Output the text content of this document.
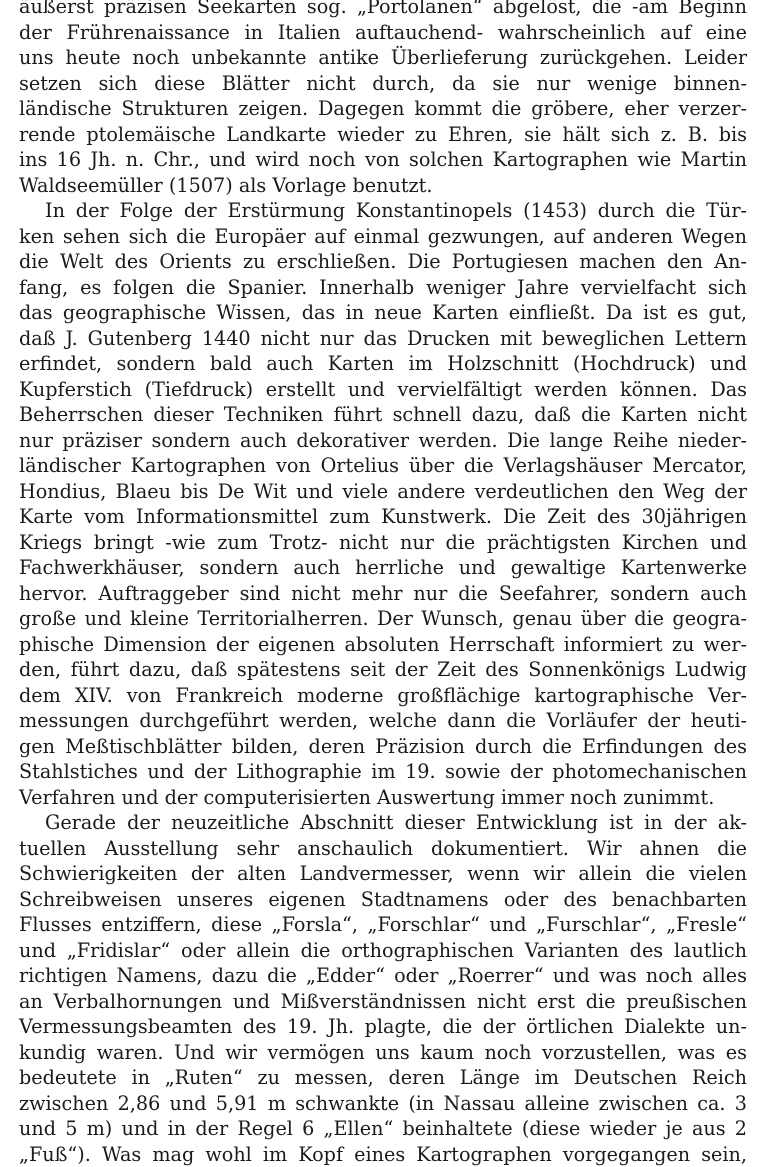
äußerst präzisen Seekarten sog. „Portolanen“ abgelöst, die -am Beginn
der Frührenaissance in Italien auftauchend- wahrscheinlich auf eine
uns heute noch unbekannte antike Überlieferung zurückgehen. Leider
setzen sich diese Blätter nicht durch, da sie nur wenige binnen-
ländische Strukturen zeigen. Dagegen kommt die gröbere, eher verzer-
rende ptolemäische Landkarte wieder zu Ehren, sie hält sich z. B. bis
ins 16 Jh. n. Chr., und wird noch von solchen Kartographen wie Martin
Waldseemüller (1507) als Vorlage benutzt.
In der Folge der Erstürmung Konstantinopels (1453) durch die Tür-
ken sehen sich die Europäer auf einmal gezwungen, auf anderen Wegen
die Welt des Orients zu erschließen. Die Portugiesen machen den An-
fang, es folgen die Spanier. Innerhalb weniger Jahre vervielfacht sich
das geographische Wissen, das in neue Karten einfließt. Da ist es gut,
daß J. Gutenberg 1440 nicht nur das Drucken mit beweglichen Lettern
erfindet, sondern bald auch Karten im Holzschnitt (Hochdruck) und
Kupferstich (Tiefdruck) erstellt und vervielfältigt werden können. Das
Beherrschen dieser Techniken führt schnell dazu, daß die Karten nicht
nur präziser sondern auch dekorativer werden. Die lange Reihe nieder-
ländischer Kartographen von Ortelius über die Verlagshäuser Mercator,
Hondius, Blaeu bis De Wit und viele andere verdeutlichen den Weg der
Karte vom Informationsmittel zum Kunstwerk. Die Zeit des 30jährigen
Kriegs bringt -wie zum Trotz- nicht nur die prächtigsten Kirchen und
Fachwerkhäuser, sondern auch herrliche und gewaltige Kartenwerke
hervor. Auftraggeber sind nicht mehr nur die Seefahrer, sondern auch
große und kleine Territorialherren. Der Wunsch, genau über die geogra-
phische Dimension der eigenen absoluten Herrschaft informiert zu wer-
den, führt dazu, daß spätestens seit der Zeit des Sonnenkönigs Ludwig
dem XIV. von Frankreich moderne großflächige kartographische Ver-
messungen durchgeführt werden, welche dann die Vorläufer der heuti-
gen Meßtischblätter bilden, deren Präzision durch die Erfindungen des
Stahlstiches und der Lithographie im 19. sowie der photomechanischen
Verfahren und der computerisierten Auswertung immer noch zunimmt.
Gerade der neuzeitliche Abschnitt dieser Entwicklung ist in der ak-
tuellen Ausstellung sehr anschaulich dokumentiert. Wir ahnen die
Schwierigkeiten der alten Landvermesser, wenn wir allein die vielen
Schreibweisen unseres eigenen Stadtnamens oder des benachbarten
Flusses entziffern, diese „Forsla“, „Forschlar“ und „Furschlar“, „Fresle“
und „Fridislar“ oder allein die orthographischen Varianten des lautlich
richtigen Namens, dazu die „Edder“ oder „Roerrer“ und was noch alles
an Verbalhornungen und Mißverständnissen nicht erst die preußischen
Vermessungsbeamten des 19. Jh. plagte, die der örtlichen Dialekte un-
kundig waren. Und wir vermögen uns kaum noch vorzustellen, was es
bedeutete in „Ruten“ zu messen, deren Länge im Deutschen Reich
zwischen 2,86 und 5,91 m schwankte (in Nassau alleine zwischen ca. 3
und 5 m) und in der Regel 6 „Ellen“ beinhaltete (diese wieder je aus 2
„Fuß“). Was mag wohl im Kopf eines Kartographen vorgegangen sein,
